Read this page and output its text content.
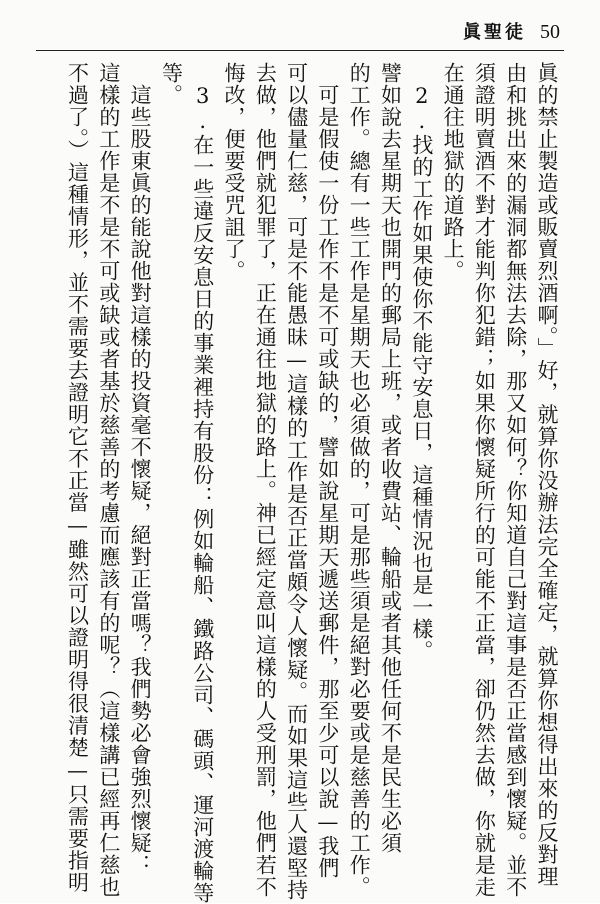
眞聖徒 50
眞的禁止製造或販賣烈酒啊。」好，就算你没辦法完全確定，就算你想得出來的反對理
由和挑出來的漏洞都無法去除，那又如何？你知道自己對這事是否正當感到懷疑。並不
須證明賣酒不對才能判你犯錯；如果你懷疑所行的可能不正當，卻仍然去做，你就是走
在通往地獄的道路上。
　2.找的工作如果使你不能守安息日，這種情況也是一樣。
譬如說去星期天也開門的郵局上班，或者收費站、輪船或者其他任何不是民生必須
的工作。總有一些工作是星期天也必須做的，可是那些須是絕對必要或是慈善的工作。
　可是假使一份工作不是不可或缺的，譬如說星期天遞送郵件，那至少可以說—我們
可以儘量仁慈，可是不能愚昧—這樣的工作是否正當頗令人懷疑。而如果這些人還堅持
去做，他們就犯罪了，正在通往地獄的路上。神已經定意叫這樣的人受刑罰，他們若不
悔改，便要受咒詛了。
　3.在一些違反安息日的事業裡持有股份：例如輪船、鐵路公司、碼頭、運河渡輪等
等。
　這些股東眞的能說他對這樣的投資毫不懷疑，絕對正當嗎？我們勢必會強烈懷疑：
這樣的工作是不是不可或缺或者基於慈善的考慮而應該有的呢？（這樣講已經再仁慈也
不過了。）這種情形，並不需要去證明它不正當—雖然可以證明得很清楚—只需要指明
